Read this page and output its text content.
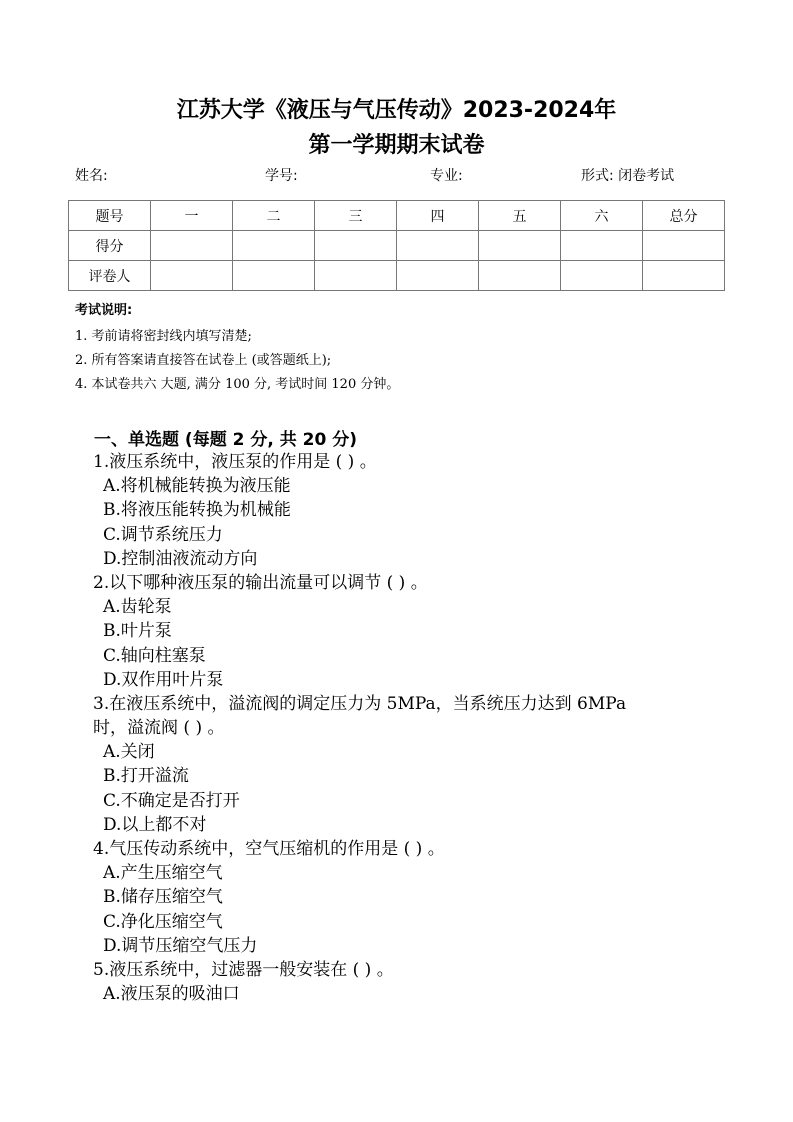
江苏大学《液压与气压传动》2023-2024年
第一学期期末试卷
姓名:	学号:	专业:	形式: 闭卷考试
题号	一	二	三	四	五	六	总分
得分							
评卷人							
考试说明:
1. 考前请将密封线内填写清楚;
2. 所有答案请直接答在试卷上 (或答题纸上);
4. 本试卷共六 大题, 满分 100 分, 考试时间 120 分钟。
一、单选题 (每题 2 分, 共 20 分)
1.液压系统中，液压泵的作用是 ( ) 。
A.将机械能转换为液压能
B.将液压能转换为机械能
C.调节系统压力
D.控制油液流动方向
2.以下哪种液压泵的输出流量可以调节 ( ) 。
A.齿轮泵
B.叶片泵
C.轴向柱塞泵
D.双作用叶片泵
3.在液压系统中，溢流阀的调定压力为 5MPa，当系统压力达到 6MPa
时，溢流阀 ( ) 。
A.关闭
B.打开溢流
C.不确定是否打开
D.以上都不对
4.气压传动系统中，空气压缩机的作用是 ( ) 。
A.产生压缩空气
B.储存压缩空气
C.净化压缩空气
D.调节压缩空气压力
5.液压系统中，过滤器一般安装在 ( ) 。
A.液压泵的吸油口
